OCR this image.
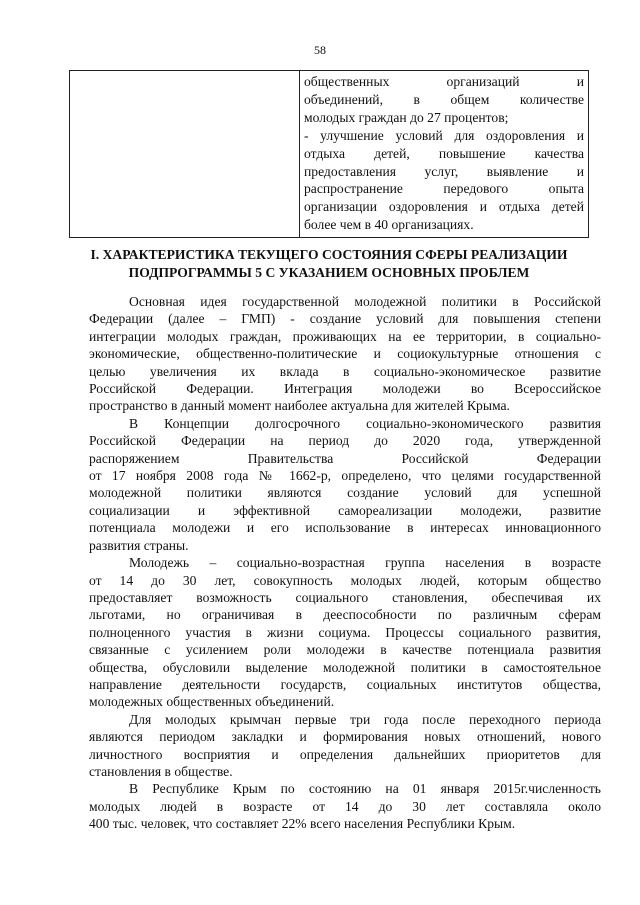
58

общественных организаций и
объединений, в общем количестве
молодых граждан до 27 процентов;
- улучшение условий для оздоровления и
отдыха детей, повышение качества
предоставления услуг, выявление и
распространение передового опыта
организации оздоровления и отдыха детей
более чем в 40 организациях.
I. ХАРАКТЕРИСТИКА ТЕКУЩЕГО СОСТОЯНИЯ СФЕРЫ РЕАЛИЗАЦИИ
ПОДПРОГРАММЫ 5 С УКАЗАНИЕМ ОСНОВНЫХ ПРОБЛЕМ
Основная идея государственной молодежной политики в Российской
Федерации (далее – ГМП) - создание условий для повышения степени
интеграции молодых граждан, проживающих на ее территории, в социально-
экономические, общественно-политические и социокультурные отношения с
целью увеличения их вклада в социально-экономическое развитие
Российской Федерации. Интеграция молодежи во Всероссийское
пространство в данный момент наиболее актуальна для жителей Крыма.
В Концепции долгосрочного социально-экономического развития
Российской Федерации на период до 2020 года, утвержденной
распоряжением Правительства Российской Федерации
от 17 ноября 2008 года № 1662-р, определено, что целями государственной
молодежной политики являются создание условий для успешной
социализации и эффективной самореализации молодежи, развитие
потенциала молодежи и его использование в интересах инновационного
развития страны.
Молодежь – социально-возрастная группа населения в возрасте
от 14 до 30 лет, совокупность молодых людей, которым общество
предоставляет возможность социального становления, обеспечивая их
льготами, но ограничивая в дееспособности по различным сферам
полноценного участия в жизни социума. Процессы социального развития,
связанные с усилением роли молодежи в качестве потенциала развития
общества, обусловили выделение молодежной политики в самостоятельное
направление деятельности государств, социальных институтов общества,
молодежных общественных объединений.
Для молодых крымчан первые три года после переходного периода
являются периодом закладки и формирования новых отношений, нового
личностного восприятия и определения дальнейших приоритетов для
становления в обществе.
В Республике Крым по состоянию на 01 января 2015г.численность
молодых людей в возрасте от 14 до 30 лет составляла около
400 тыс. человек, что составляет 22% всего населения Республики Крым.
